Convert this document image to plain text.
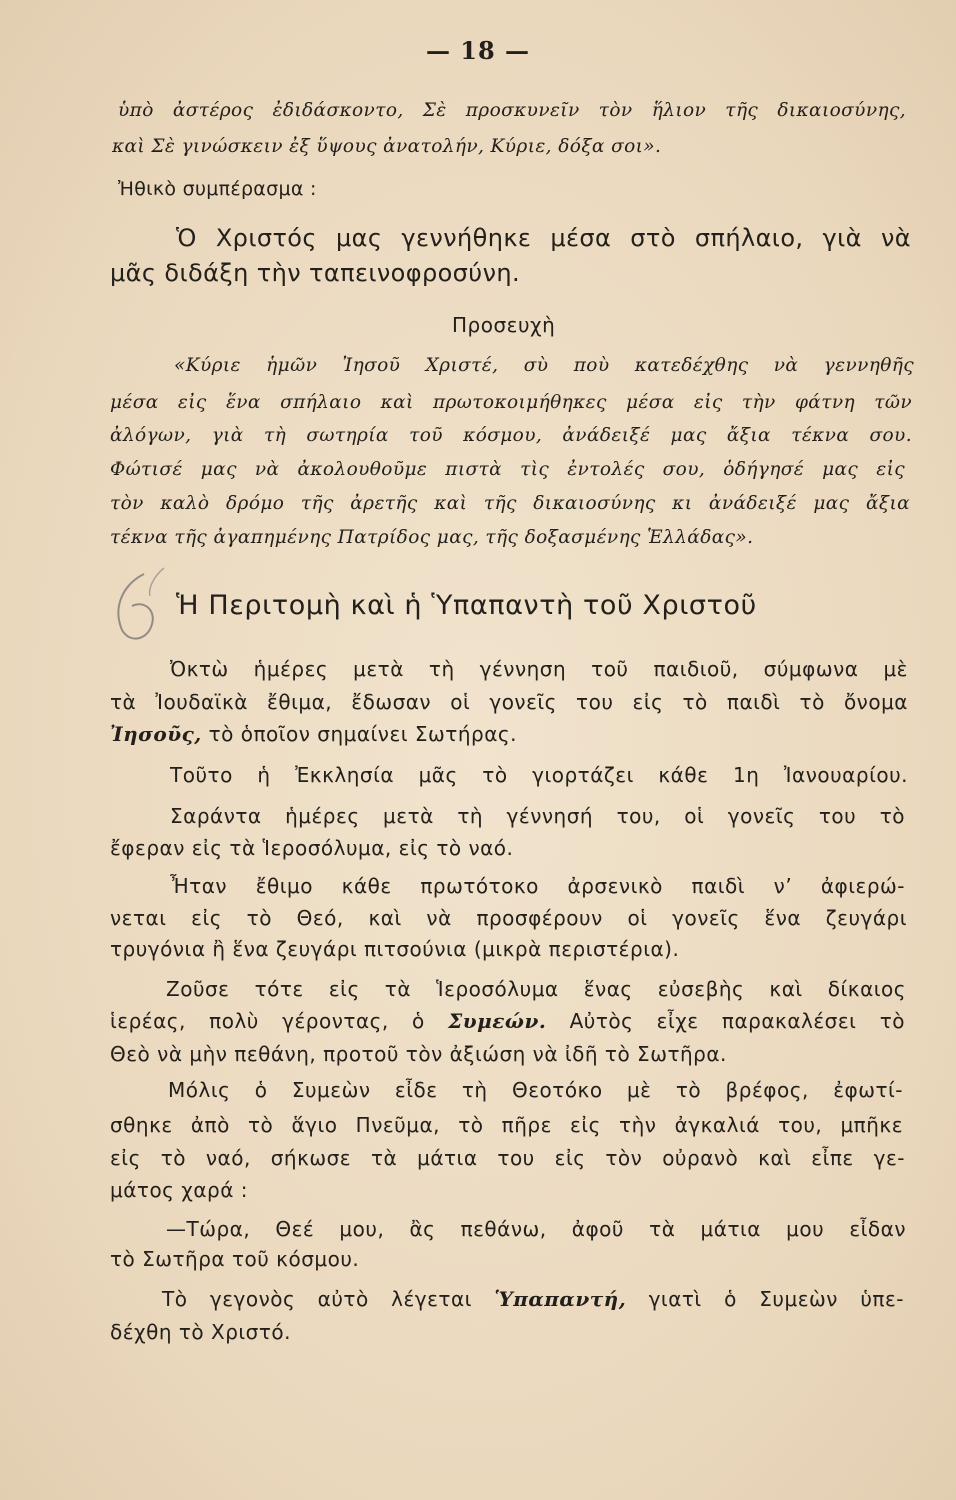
— 18 —
ὑπὸ ἀστέρος ἐδιδάσκοντο, Σὲ προσκυνεῖν τὸν ἥλιον τῆς δικαιοσύνης,
καὶ Σὲ γινώσκειν ἐξ ὕψους ἀνατολήν, Κύριε, δόξα σοι».
Ἠθικὸ συμπέρασμα :
Ὁ Χριστός μας γεννήθηκε μέσα στὸ σπήλαιο, γιὰ νὰ
μᾶς διδάξη τὴν ταπεινοφροσύνη.
Προσευχὴ
«Κύριε ἡμῶν Ἰησοῦ Χριστέ, σὺ ποὺ κατεδέχθης νὰ γεννηθῆς
μέσα εἰς ἕνα σπήλαιο καὶ πρωτοκοιμήθηκες μέσα εἰς τὴν φάτνη τῶν
ἀλόγων, γιὰ τὴ σωτηρία τοῦ κόσμου, ἀνάδειξέ μας ἄξια τέκνα σου.
Φώτισέ μας νὰ ἀκολουθοῦμε πιστὰ τὶς ἐντολές σου, ὁδήγησέ μας εἰς
τὸν καλὸ δρόμο τῆς ἀρετῆς καὶ τῆς δικαιοσύνης κι ἀνάδειξέ μας ἄξια
τέκνα τῆς ἀγαπημένης Πατρίδος μας, τῆς δοξασμένης Ἑλλάδας».
Ἡ Περιτομὴ καὶ ἡ Ὑπαπαντὴ τοῦ Χριστοῦ
Ὀκτὼ ἡμέρες μετὰ τὴ γέννηση τοῦ παιδιοῦ, σύμφωνα μὲ
τὰ Ἰουδαϊκὰ ἔθιμα, ἔδωσαν οἱ γονεῖς του εἰς τὸ παιδὶ τὸ ὄνομα
Ἰησοῦς, τὸ ὁποῖον σημαίνει Σωτήρας.
Τοῦτο ἡ Ἐκκλησία μᾶς τὸ γιορτάζει κάθε 1η Ἰανουαρίου.
Σαράντα ἡμέρες μετὰ τὴ γέννησή του, οἱ γονεῖς του τὸ
ἔφεραν εἰς τὰ Ἱεροσόλυμα, εἰς τὸ ναό.
Ἦταν ἔθιμο κάθε πρωτότοκο ἀρσενικὸ παιδὶ ν’ ἀφιερώ-
νεται εἰς τὸ Θεό, καὶ νὰ προσφέρουν οἱ γονεῖς ἕνα ζευγάρι
τρυγόνια ἢ ἕνα ζευγάρι πιτσούνια (μικρὰ περιστέρια).
Ζοῦσε τότε εἰς τὰ Ἱεροσόλυμα ἕνας εὐσεβὴς καὶ δίκαιος
ἱερέας, πολὺ γέροντας, ὁ Συμεών. Αὐτὸς εἶχε παρακαλέσει τὸ
Θεὸ νὰ μὴν πεθάνη, προτοῦ τὸν ἀξιώση νὰ ἰδῆ τὸ Σωτῆρα.
Μόλις ὁ Συμεὼν εἶδε τὴ Θεοτόκο μὲ τὸ βρέφος, ἐφωτί-
σθηκε ἀπὸ τὸ ἅγιο Πνεῦμα, τὸ πῆρε εἰς τὴν ἀγκαλιά του, μπῆκε
εἰς τὸ ναό, σήκωσε τὰ μάτια του εἰς τὸν οὐρανὸ καὶ εἶπε γε-
μάτος χαρά :
—Τώρα, Θεέ μου, ἂς πεθάνω, ἀφοῦ τὰ μάτια μου εἶδαν
τὸ Σωτῆρα τοῦ κόσμου.
Τὸ γεγονὸς αὐτὸ λέγεται Ὑπαπαντή, γιατὶ ὁ Συμεὼν ὑπε-
δέχθη τὸ Χριστό.
